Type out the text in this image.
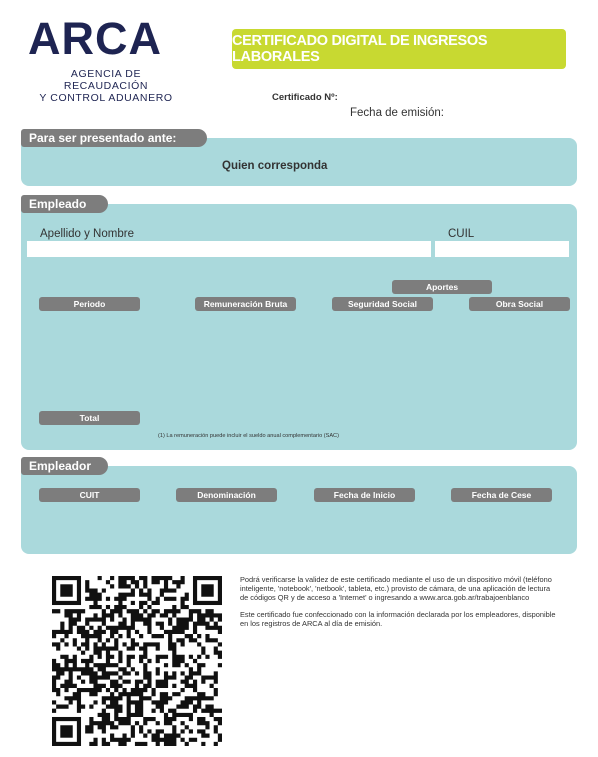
ARCA
AGENCIA DE RECAUDACIÓN
Y CONTROL ADUANERO
CERTIFICADO DIGITAL DE INGRESOS LABORALES
Certificado Nº:
Fecha de emisión:
Para ser presentado ante:
Quien corresponda
Empleado
Apellido y Nombre	CUIL
Aportes
Periodo	Remuneración Bruta	Seguridad Social	Obra Social
Total
(1) La remuneración puede incluir el sueldo anual complementario (SAC)
Empleador
CUIT	Denominación	Fecha de Inicio	Fecha de Cese
Podrá verificarse la validez de este certificado mediante el uso de un dispositivo móvil (teléfono inteligente, 'notebook', 'netbook', tableta, etc.) provisto de cámara, de una aplicación de lectura de códigos QR y de acceso a 'Internet' o ingresando a www.arca.gob.ar/trabajoenblanco
Este certificado fue confeccionado con la información declarada por los empleadores, disponible en los registros de ARCA al día de emisión.
